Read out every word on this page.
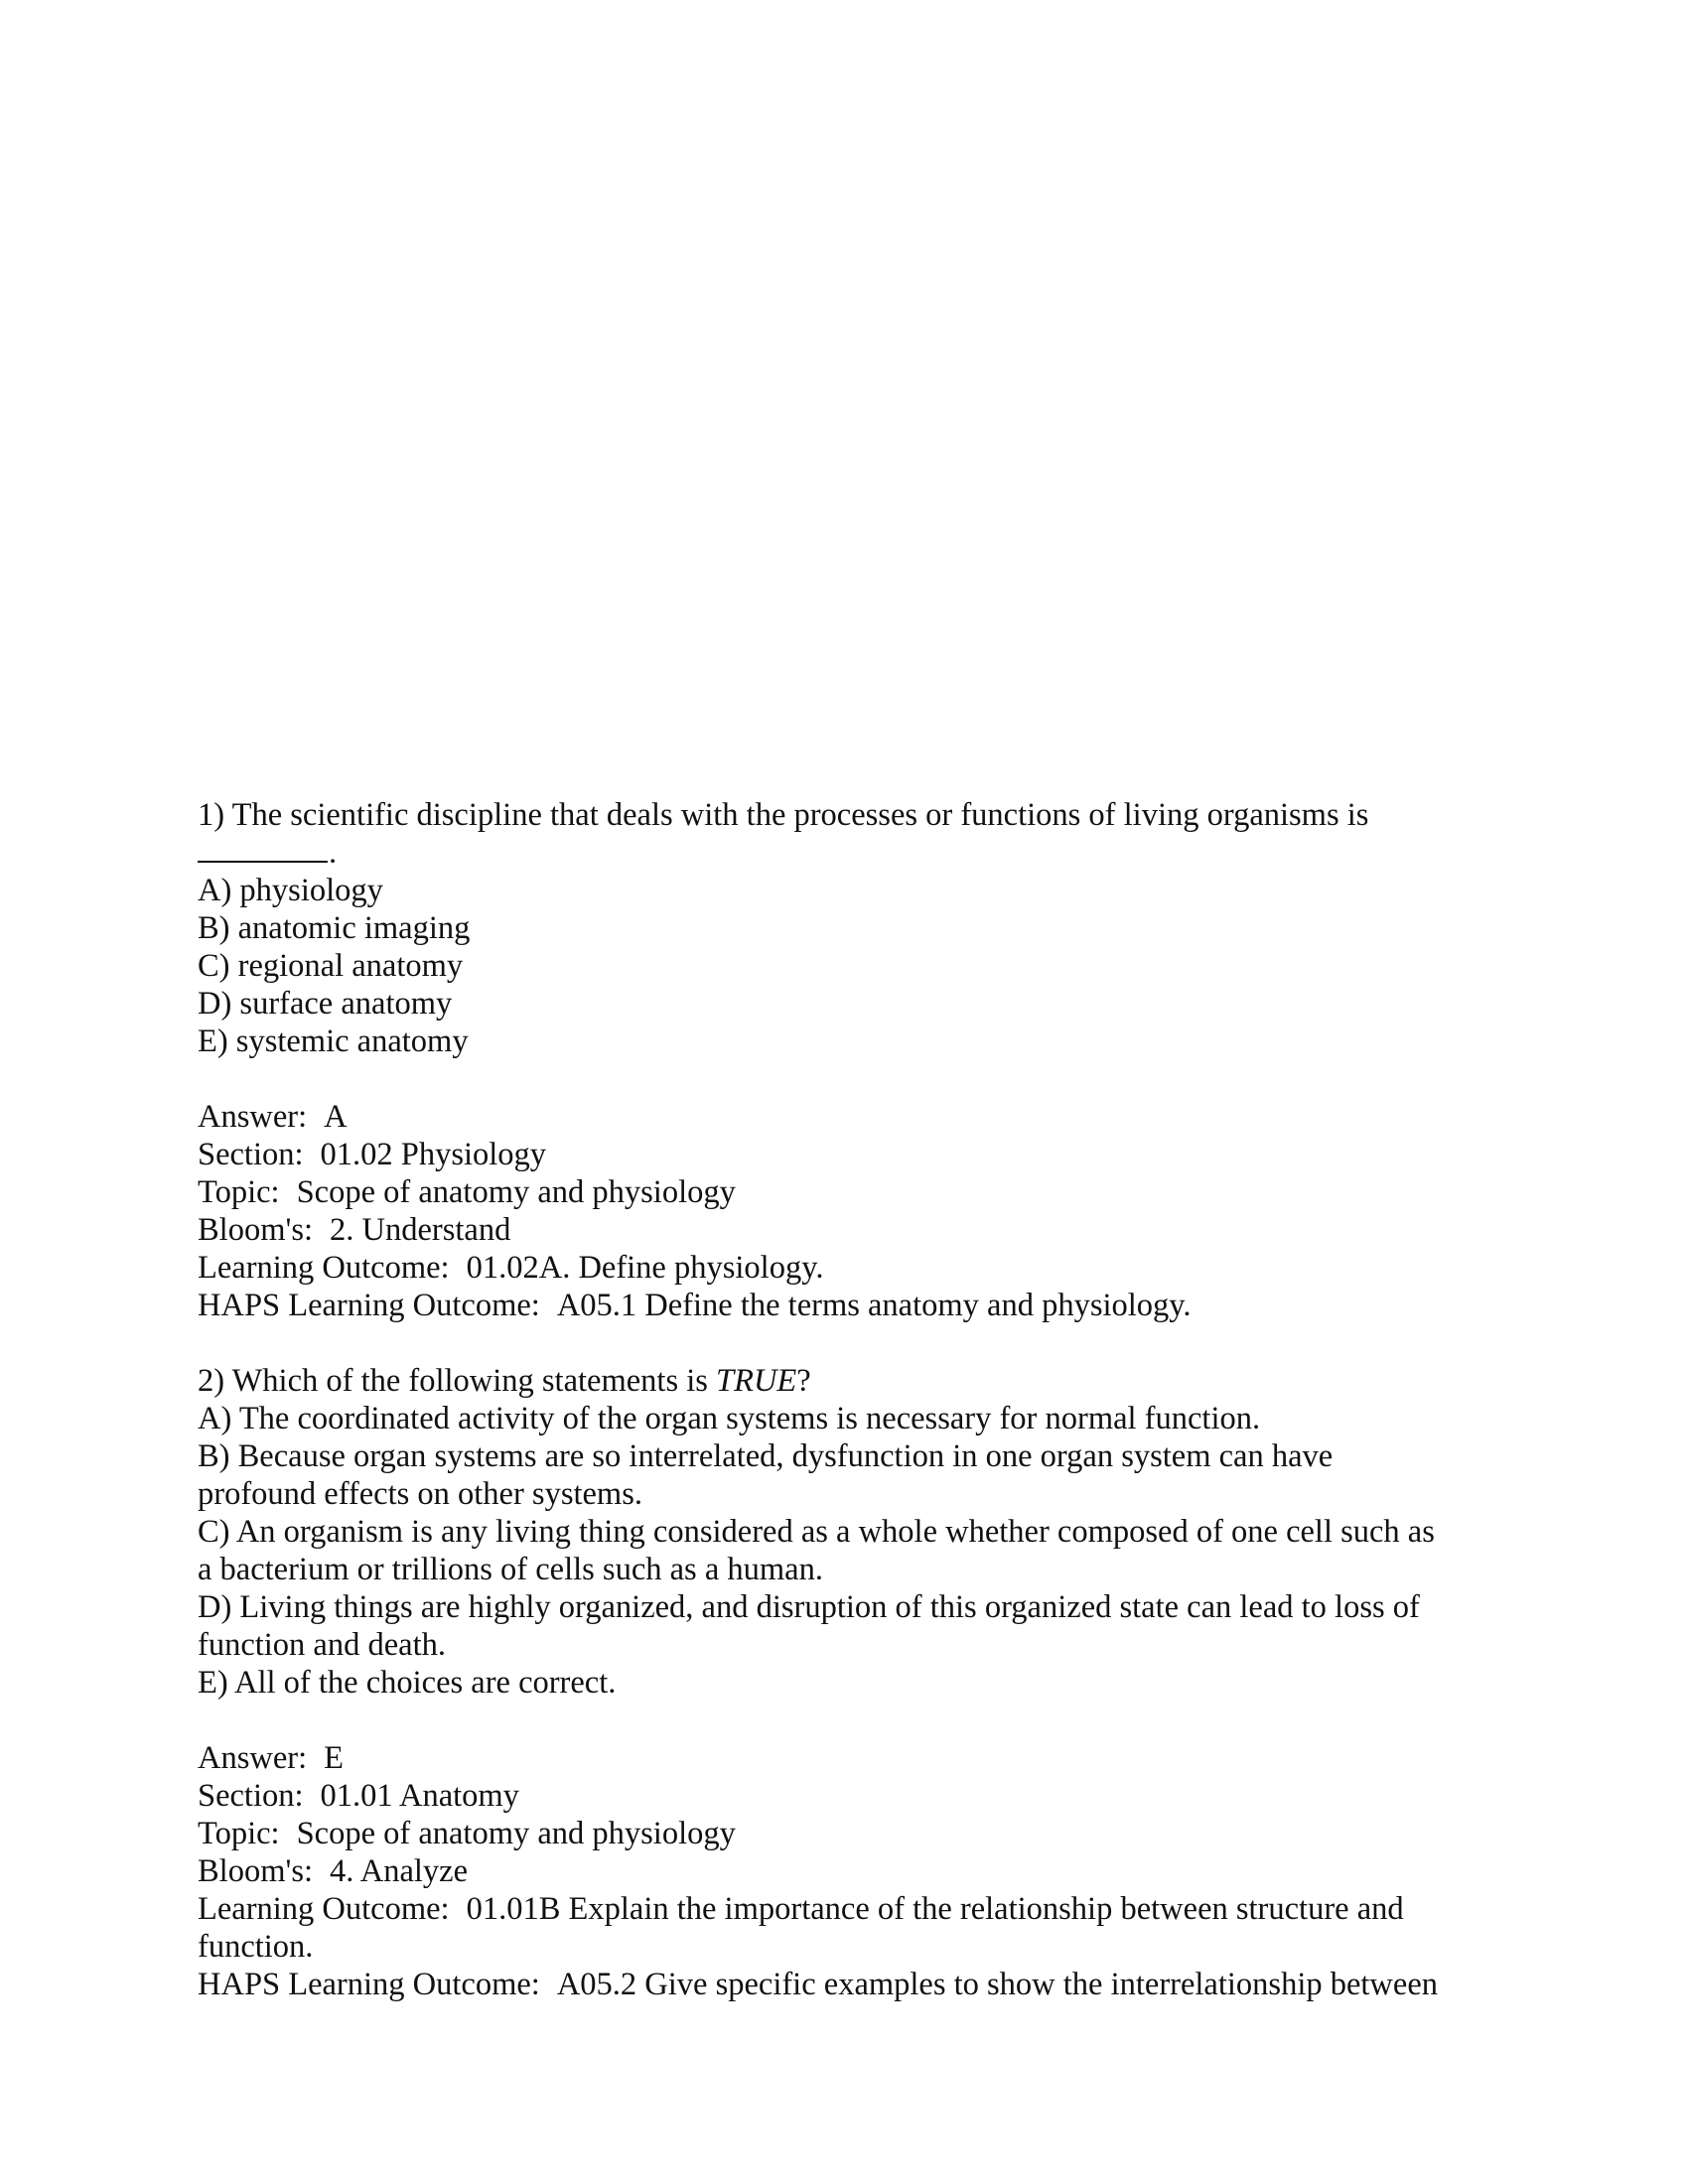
1) The scientific discipline that deals with the processes or functions of living organisms is
.
A) physiology
B) anatomic imaging
C) regional anatomy
D) surface anatomy
E) systemic anatomy
Answer: A
Section: 01.02 Physiology
Topic: Scope of anatomy and physiology
Bloom's: 2. Understand
Learning Outcome: 01.02A. Define physiology.
HAPS Learning Outcome: A05.1 Define the terms anatomy and physiology.
2) Which of the following statements is TRUE?
A) The coordinated activity of the organ systems is necessary for normal function.
B) Because organ systems are so interrelated, dysfunction in one organ system can have
profound effects on other systems.
C) An organism is any living thing considered as a whole whether composed of one cell such as
a bacterium or trillions of cells such as a human.
D) Living things are highly organized, and disruption of this organized state can lead to loss of
function and death.
E) All of the choices are correct.
Answer: E
Section: 01.01 Anatomy
Topic: Scope of anatomy and physiology
Bloom's: 4. Analyze
Learning Outcome: 01.01B Explain the importance of the relationship between structure and
function.
HAPS Learning Outcome: A05.2 Give specific examples to show the interrelationship between
